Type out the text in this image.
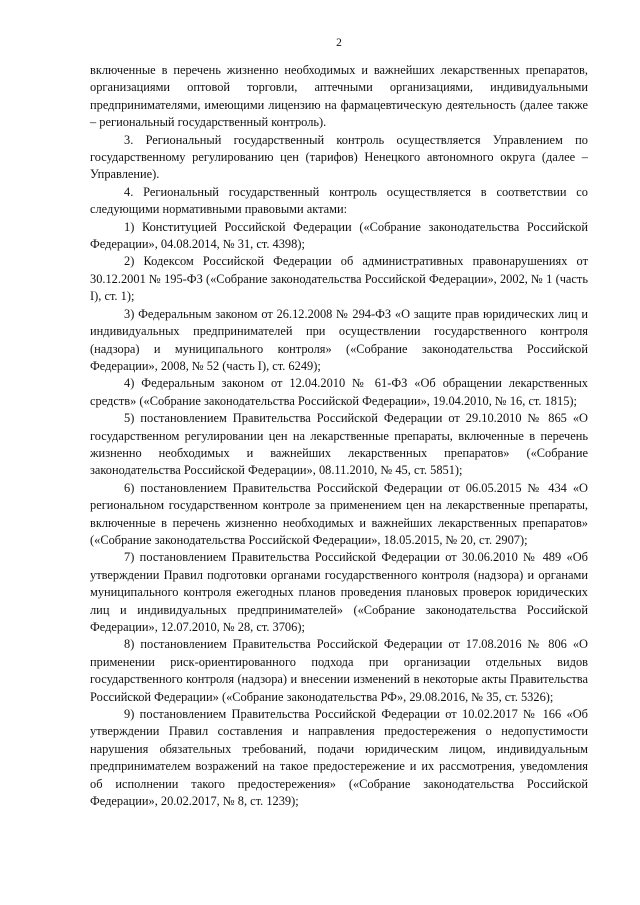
2

включенные в перечень жизненно необходимых и важнейших лекарственных препаратов, организациями оптовой торговли, аптечными организациями, индивидуальными предпринимателями, имеющими лицензию на фармацевтическую деятельность (далее также – региональный государственный контроль).

3. Региональный государственный контроль осуществляется Управлением по государственному регулированию цен (тарифов) Ненецкого автономного округа (далее – Управление).

4. Региональный государственный контроль осуществляется в соответствии со следующими нормативными правовыми актами:

1) Конституцией Российской Федерации («Собрание законодательства Российской Федерации», 04.08.2014, № 31, ст. 4398);

2) Кодексом Российской Федерации об административных правонарушениях от 30.12.2001 № 195-ФЗ («Собрание законодательства Российской Федерации», 2002, № 1 (часть I), ст. 1);

3) Федеральным законом от 26.12.2008 № 294-ФЗ «О защите прав юридических лиц и индивидуальных предпринимателей при осуществлении государственного контроля (надзора) и муниципального контроля» («Собрание законодательства Российской Федерации», 2008, № 52 (часть I), ст. 6249);

4) Федеральным законом от 12.04.2010 № 61-ФЗ «Об обращении лекарственных средств» («Собрание законодательства Российской Федерации», 19.04.2010, № 16, ст. 1815);

5) постановлением Правительства Российской Федерации от 29.10.2010 № 865 «О государственном регулировании цен на лекарственные препараты, включенные в перечень жизненно необходимых и важнейших лекарственных препаратов» («Собрание законодательства Российской Федерации», 08.11.2010, № 45, ст. 5851);

6) постановлением Правительства Российской Федерации от 06.05.2015 № 434 «О региональном государственном контроле за применением цен на лекарственные препараты, включенные в перечень жизненно необходимых и важнейших лекарственных препаратов» («Собрание законодательства Российской Федерации», 18.05.2015, № 20, ст. 2907);

7) постановлением Правительства Российской Федерации от 30.06.2010 № 489 «Об утверждении Правил подготовки органами государственного контроля (надзора) и органами муниципального контроля ежегодных планов проведения плановых проверок юридических лиц и индивидуальных предпринимателей» («Собрание законодательства Российской Федерации», 12.07.2010, № 28, ст. 3706);

8) постановлением Правительства Российской Федерации от 17.08.2016 № 806 «О применении риск-ориентированного подхода при организации отдельных видов государственного контроля (надзора) и внесении изменений в некоторые акты Правительства Российской Федерации» («Собрание законодательства РФ», 29.08.2016, № 35, ст. 5326);

9) постановлением Правительства Российской Федерации от 10.02.2017 № 166 «Об утверждении Правил составления и направления предостережения о недопустимости нарушения обязательных требований, подачи юридическим лицом, индивидуальным предпринимателем возражений на такое предостережение и их рассмотрения, уведомления об исполнении такого предостережения» («Собрание законодательства Российской Федерации», 20.02.2017, № 8, ст. 1239);
